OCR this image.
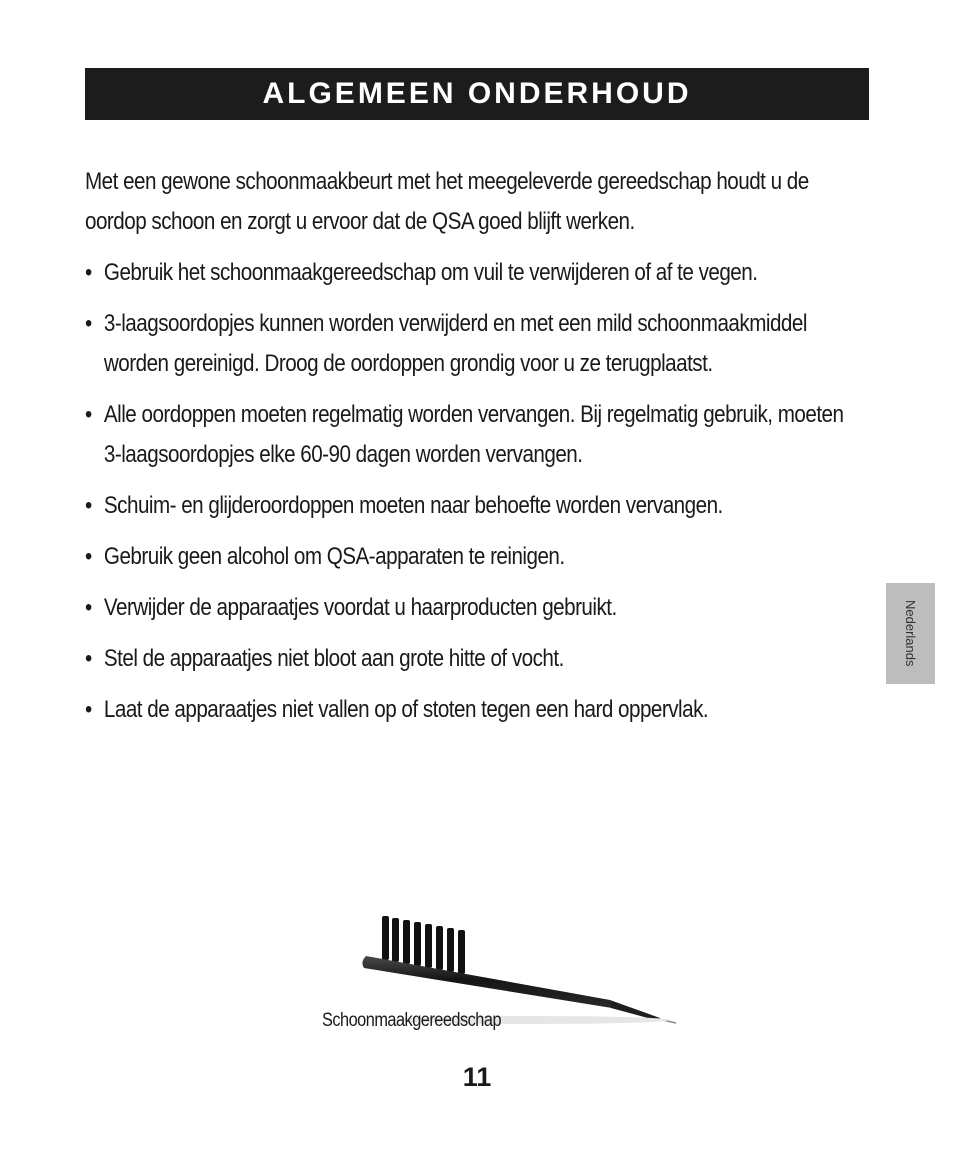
ALGEMEEN ONDERHOUD

Met een gewone schoonmaakbeurt met het meegeleverde gereedschap houdt u de oordop schoon en zorgt u ervoor dat de QSA goed blijft werken.

• Gebruik het schoonmaakgereedschap om vuil te verwijderen of af te vegen.
• 3-laagsoordopjes kunnen worden verwijderd en met een mild schoonmaakmiddel worden gereinigd. Droog de oordoppen grondig voor u ze terugplaatst.
• Alle oordoppen moeten regelmatig worden vervangen. Bij regelmatig gebruik, moeten 3-laagsoordopjes elke 60-90 dagen worden vervangen.
• Schuim- en glijderoordoppen moeten naar behoefte worden vervangen.
• Gebruik geen alcohol om QSA-apparaten te reinigen.
• Verwijder de apparaatjes voordat u haarproducten gebruikt.
• Stel de apparaatjes niet bloot aan grote hitte of vocht.
• Laat de apparaatjes niet vallen op of stoten tegen een hard oppervlak.
Schoonmaakgereedschap
11
Nederlands
